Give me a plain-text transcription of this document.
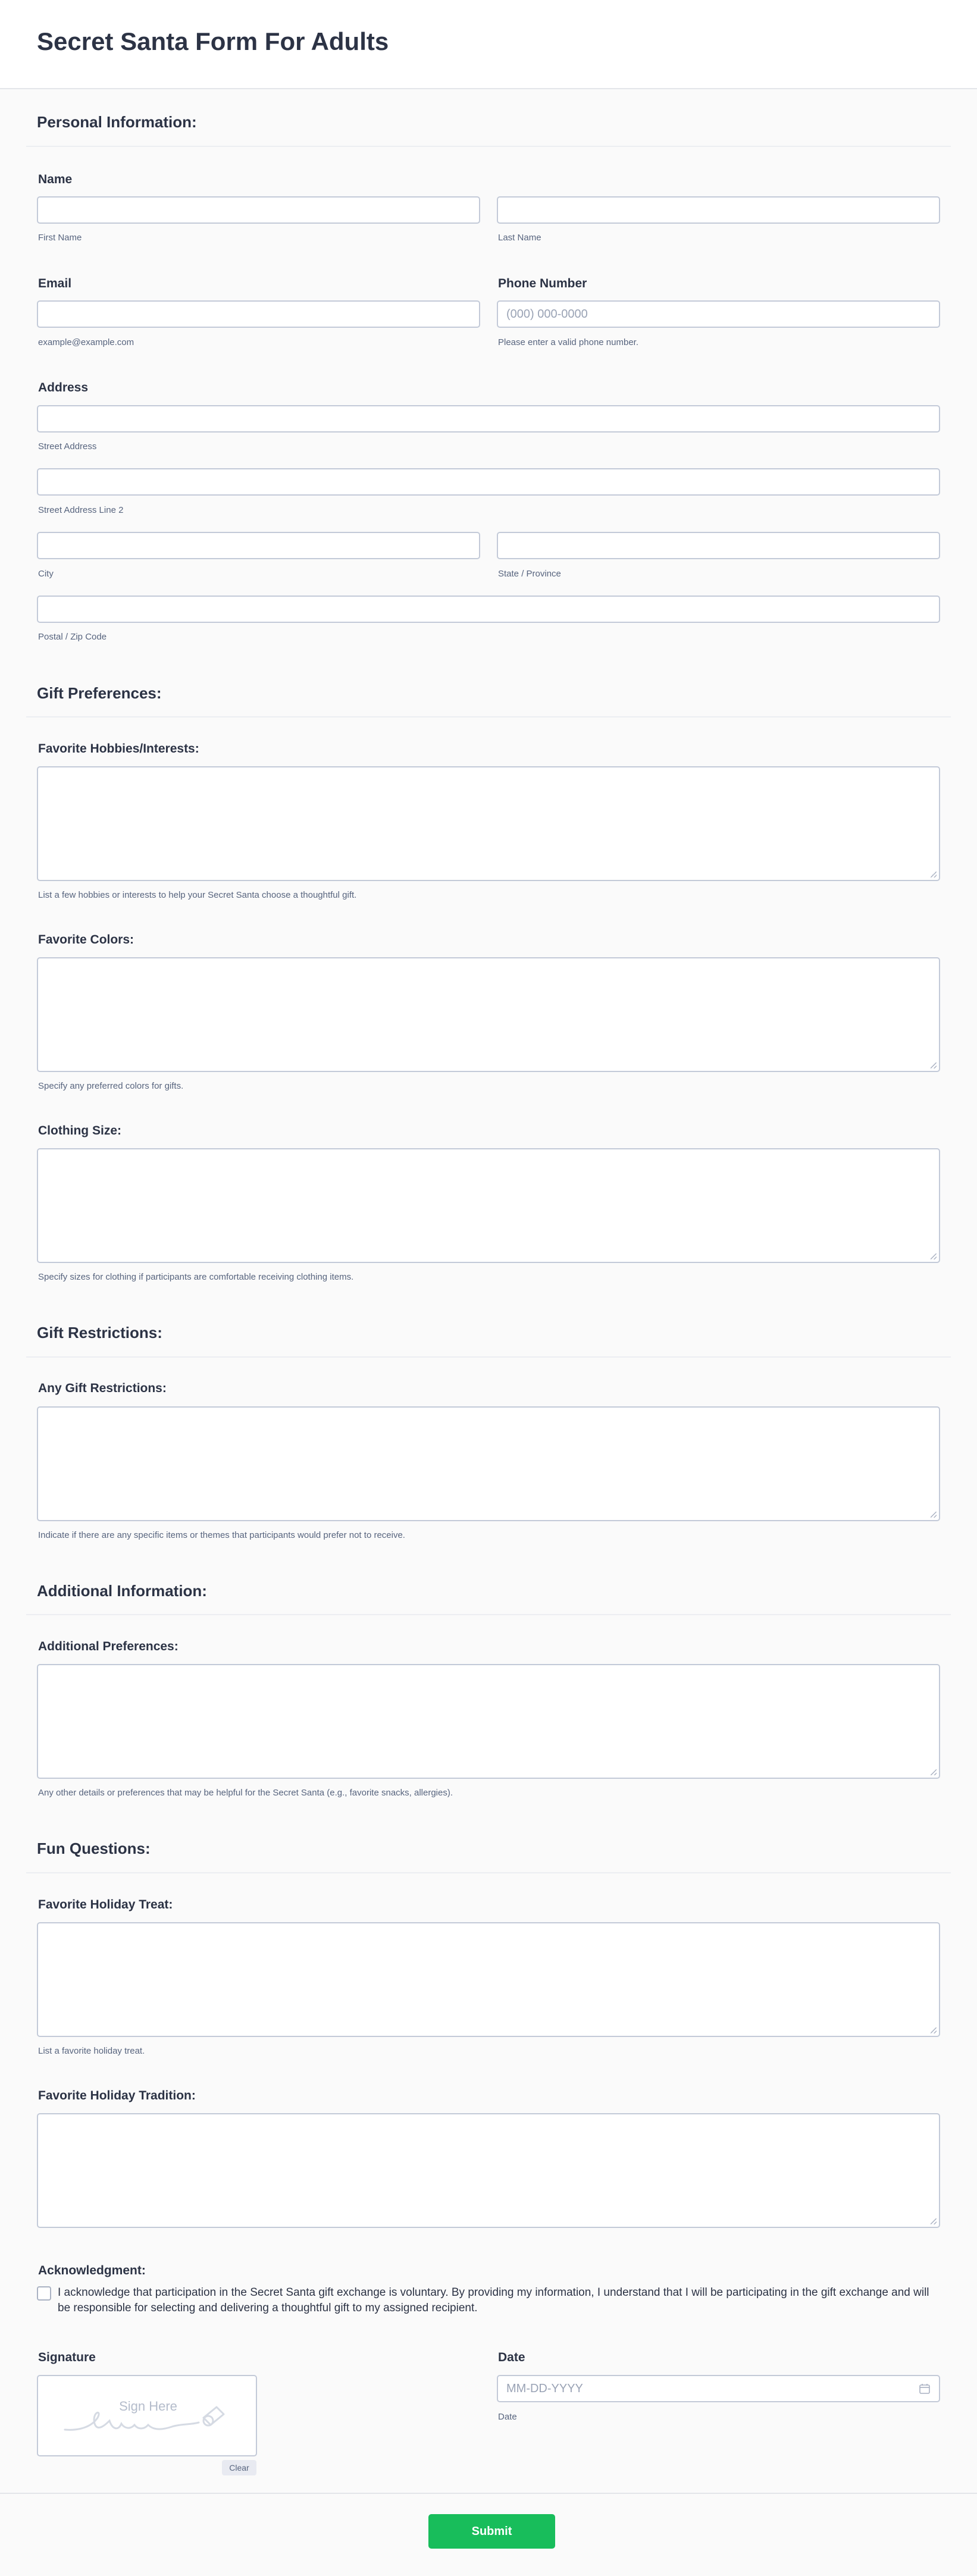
Secret Santa Form For Adults
Personal Information:
Name
First Name	Last Name
Email
example@example.com
Phone Number
(000) 000-0000
Please enter a valid phone number.
Address
Street Address
Street Address Line 2
City	State / Province
Postal / Zip Code
Gift Preferences:
Favorite Hobbies/Interests:
List a few hobbies or interests to help your Secret Santa choose a thoughtful gift.
Favorite Colors:
Specify any preferred colors for gifts.
Clothing Size:
Specify sizes for clothing if participants are comfortable receiving clothing items.
Gift Restrictions:
Any Gift Restrictions:
Indicate if there are any specific items or themes that participants would prefer not to receive.
Additional Information:
Additional Preferences:
Any other details or preferences that may be helpful for the Secret Santa (e.g., favorite snacks, allergies).
Fun Questions:
Favorite Holiday Treat:
List a favorite holiday treat.
Favorite Holiday Tradition:
Acknowledgment:
I acknowledge that participation in the Secret Santa gift exchange is voluntary. By providing my information, I understand that I will be participating in the gift exchange and will be responsible for selecting and delivering a thoughtful gift to my assigned recipient.
Signature
Sign Here
Clear
Date
MM-DD-YYYY
Date
Submit
